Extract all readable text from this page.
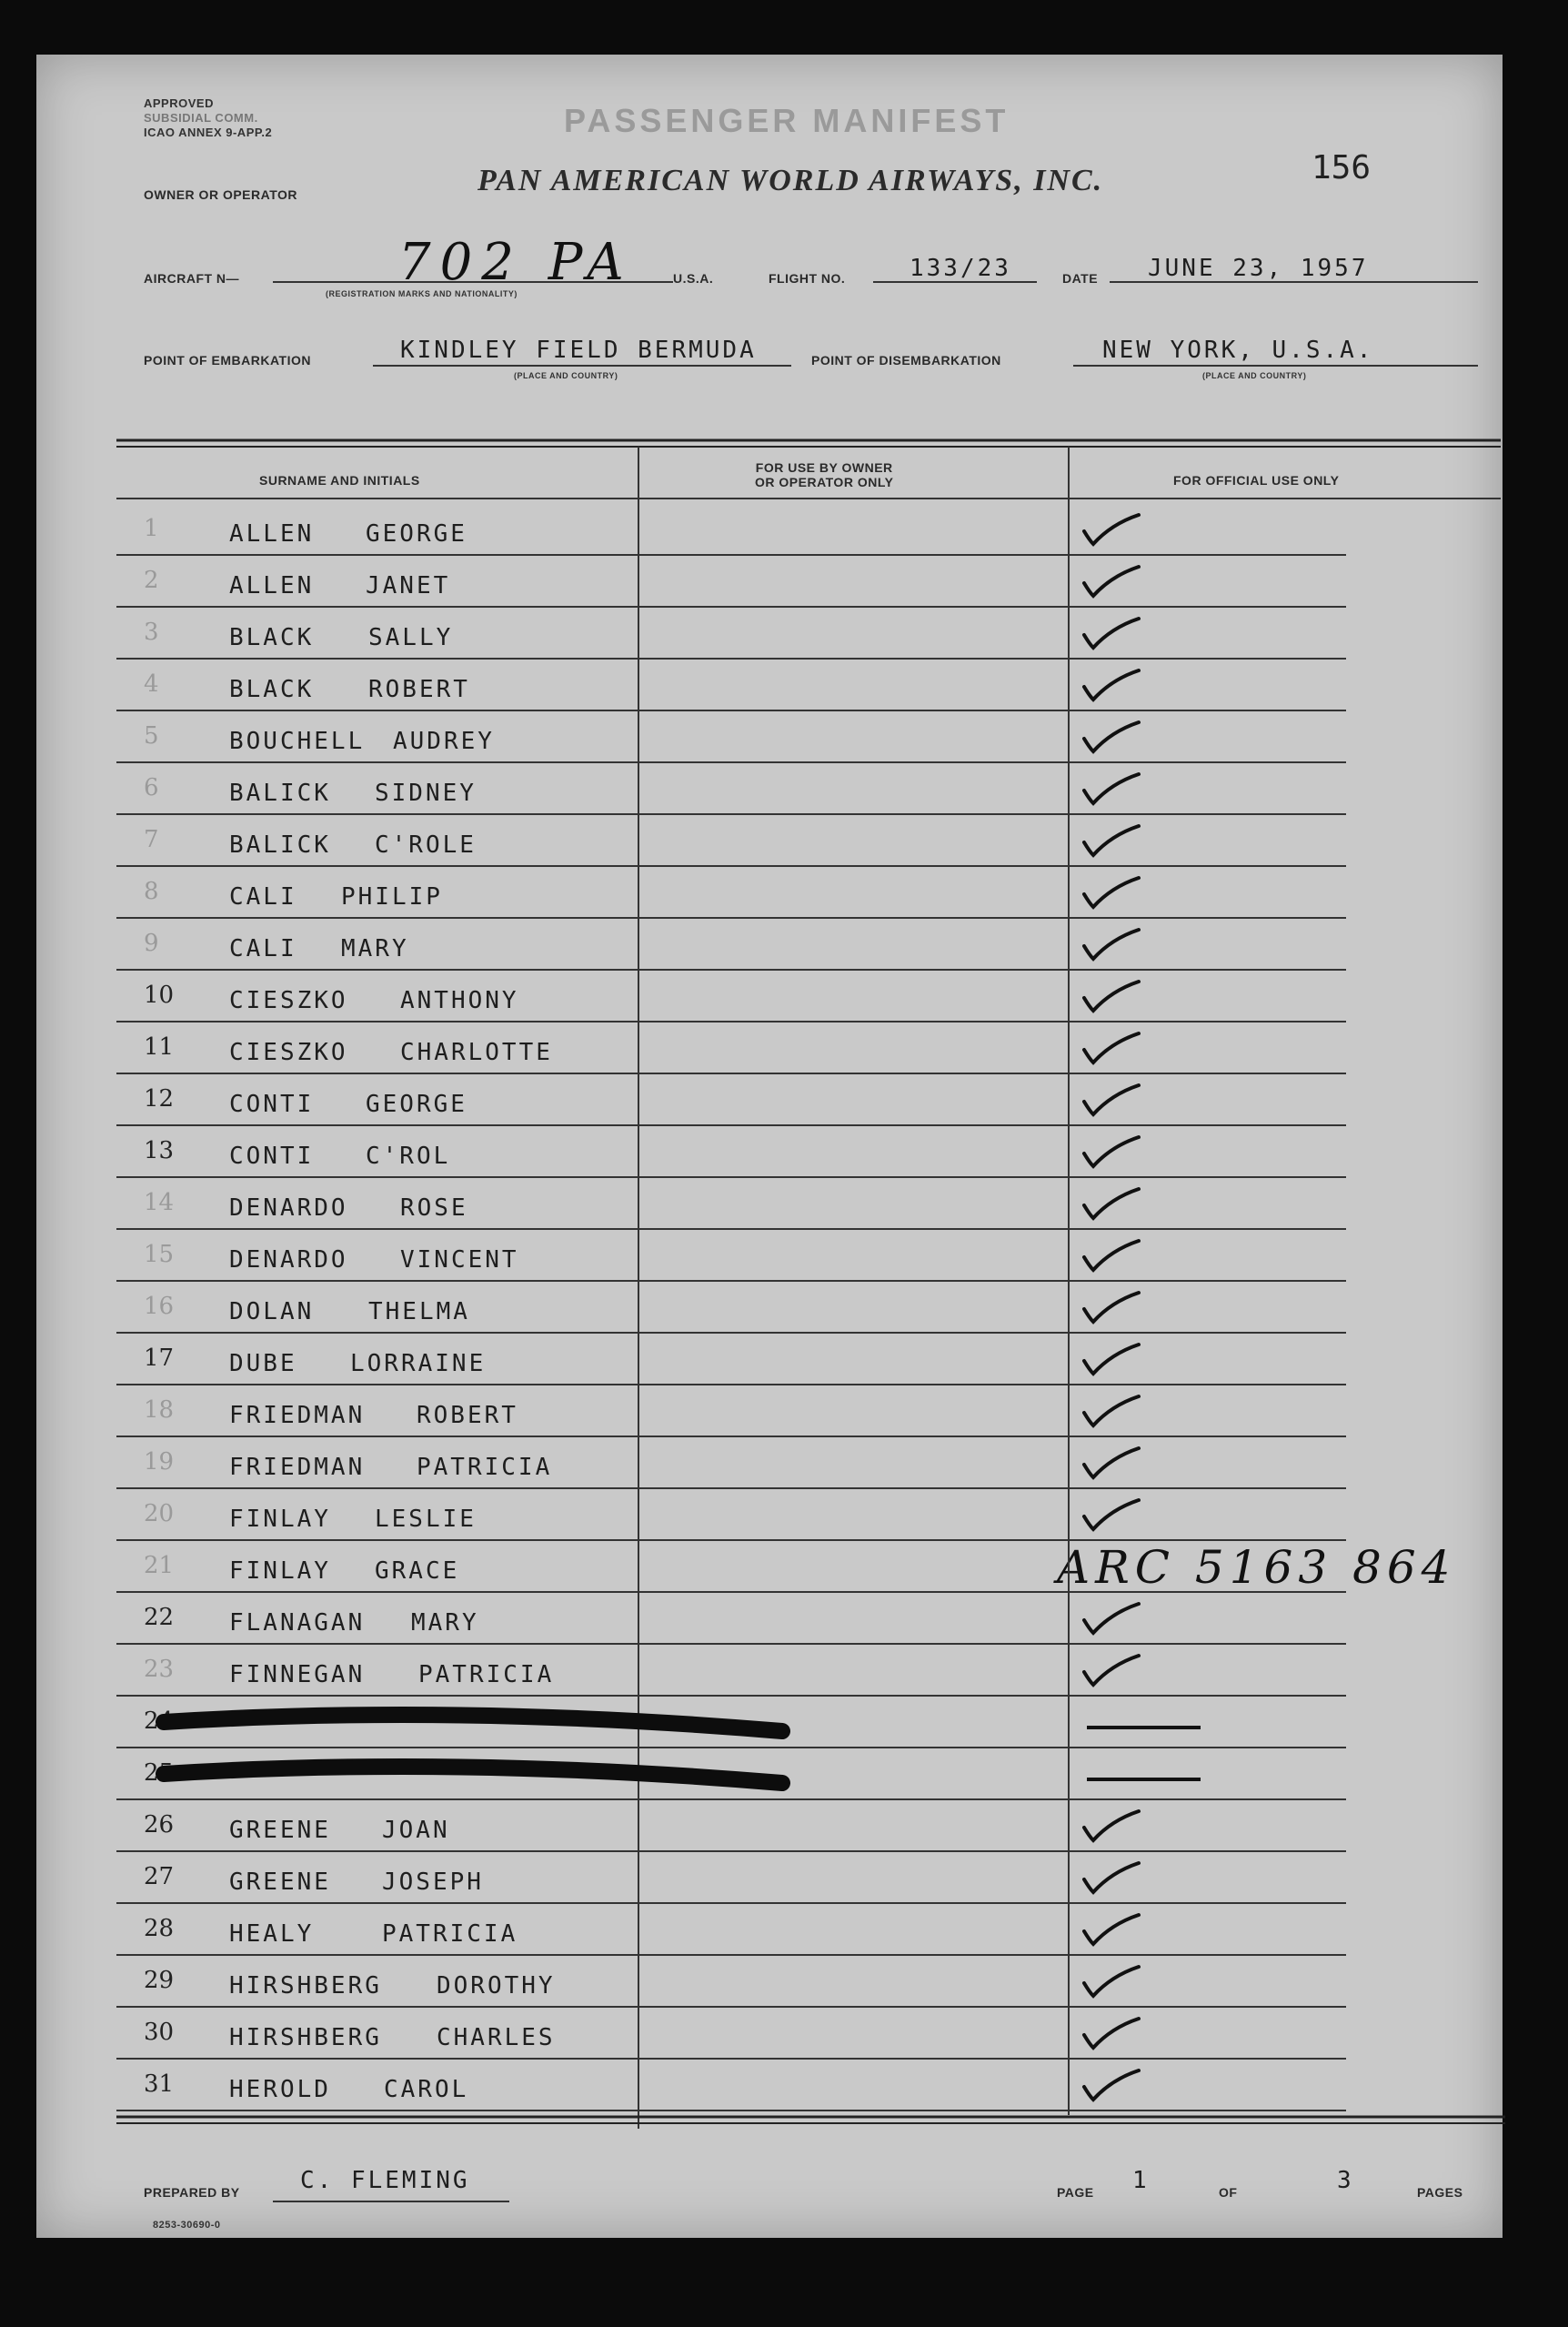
APPROVED
SUBSIDIAL COMM.
ICAO ANNEX 9-APP.2	PASSENGER MANIFEST
156
OWNER OR OPERATOR	PAN AMERICAN WORLD AIRWAYS, INC.
AIRCRAFT N—	702 PA
(REGISTRATION MARKS AND NATIONALITY)
U.S.A.	FLIGHT NO.	133/23	DATE JUNE 23, 1957
POINT OF EMBARKATION	KINDLEY FIELD BERMUDA
(PLACE AND COUNTRY)
POINT OF DISEMBARKATION	NEW YORK, U.S.A.
(PLACE AND COUNTRY)
SURNAME AND INITIALS
FOR USE BY OWNER
OR OPERATOR ONLY	FOR OFFICIAL USE ONLY
1	ALLEN GEORGE
2	ALLEN JANET
3	BLACK SALLY
4	BLACK ROBERT
5	BOUCHELL AUDREY
6	BALICK SIDNEY
7	BALICK C'ROLE
8	CALI PHILIP
9	CALI MARY
10 CIESZKO ANTHONY
11 CIESZKO CHARLOTTE
12 CONTI GEORGE
13 CONTI C'ROL
14 DENARDO ROSE
15 DENARDO VINCENT
16 DOLAN THELMA
17 DUBE LORRAINE
18 FRIEDMAN ROBERT
19 FRIEDMAN PATRICIA
20 FINLAY LESLIE
21 FINLAY GRACE	ARC 5163 864
22 FLANAGAN MARY
23 FINNEGAN PATRICIA
24
25
26 GREENE JOAN
27 GREENE JOSEPH
28 HEALY	PATRICIA
29 HIRSHBERG DOROTHY
30 HIRSHBERG CHARLES
31 HEROLD CAROL
PREPARED BY	C. FLEMING	PAGE 1	OF	3	PAGES
8253-30690-0
